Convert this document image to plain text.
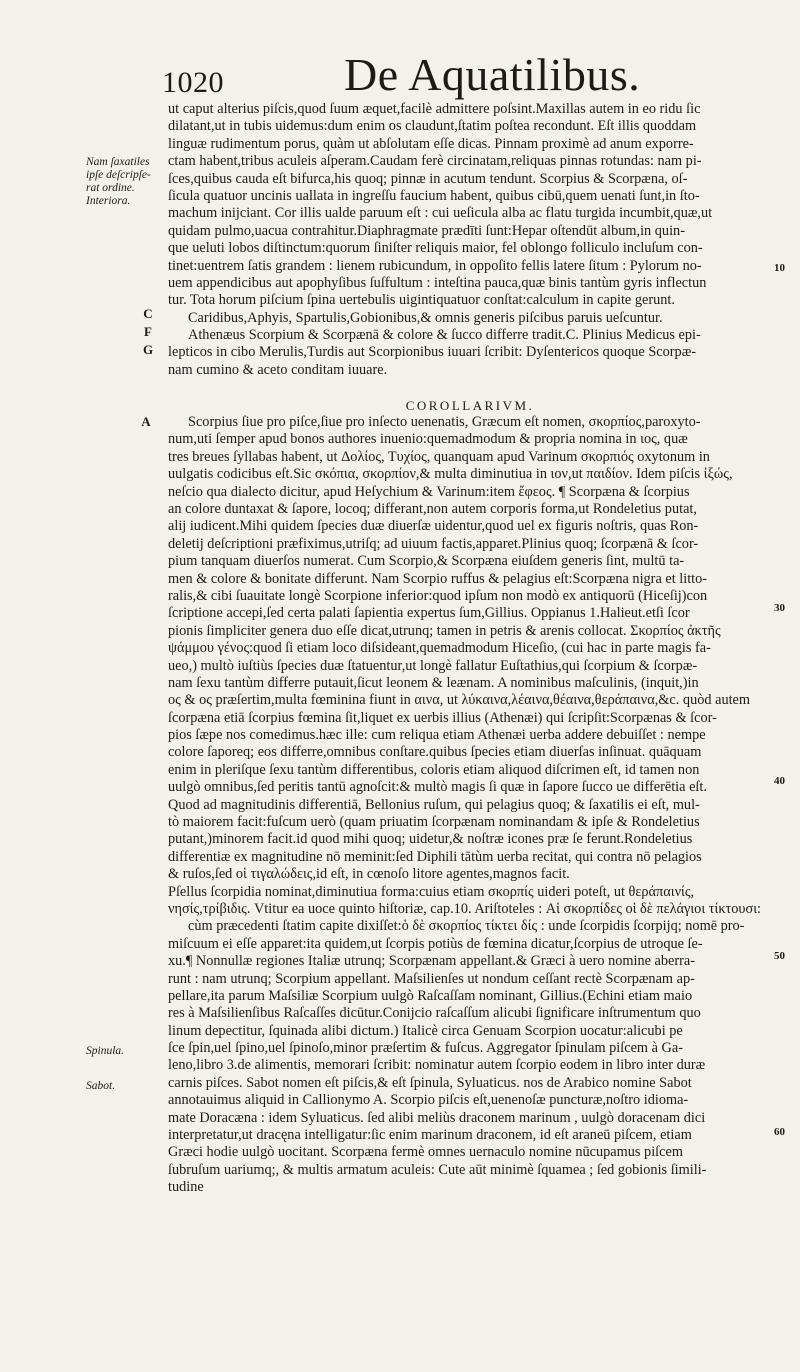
1020	De Aquatilibus.
Nam ſaxatiles
ipſe deſcripſe-
rat ordine.
Interiora.
C
F
G
A
Spinula.
Sabot.
10
30
40
50
60
ut caput alterius piſcis,quod ſuum æquet,facilè admittere poſsint.Maxillas autem in eo ridu ſic
dilatant,ut in tubis uidemus:dum enim os claudunt,ſtatim poſtea recondunt. Eſt illis quoddam
linguæ rudimentum porus, quàm ut abſolutam eſſe dicas. Pinnam proximè ad anum exporre-
ctam habent,tribus aculeis aſperam.Caudam ferè circinatam,reliquas pinnas rotundas: nam pi-
ſces,quibus cauda eſt bifurca,his quoq; pinnæ in acutum tendunt. Scorpius & Scorpæna, oſ-
ſicula quatuor uncinis uallata in ingreſſu faucium habent, quibus cibū,quem uenati ſunt,in ſto-
machum inijciant. Cor illis ualde paruum eſt : cui ueſicula alba ac flatu turgida incumbit,quæ,ut
quidam pulmo,uacua contrahitur.Diaphragmate prædīti ſunt:Hepar oſtendūt album,in quin-
que ueluti lobos diſtinctum:quorum ſiniſter reliquis maior, fel oblongo folliculo incluſum con-
tinet:uentrem ſatis grandem : lienem rubicundum, in oppoſito fellis latere ſitum : Pylorum no-
uem appendicibus aut apophyſibus ſuſfultum : inteſtina pauca,quæ binis tantùm gyris inflectun
tur. Tota horum piſcium ſpina uertebulis uigintiquatuor conſtat:calculum in capite gerunt.
Caridibus,Aphyis, Spartulis,Gobionibus,& omnis generis piſcibus paruis ueſcuntur.
Athenæus Scorpium & Scorpænā & colore & ſucco differre tradit.C. Plinius Medicus epi-
lepticos in cibo Merulis,Turdis aut Scorpionibus iuuari ſcribit: Dyſentericos quoque Scorpæ-
nam cumino & aceto conditam iuuare.
COROLLARIVM.
Scorpius ſiue pro piſce,ſiue pro inſecto uenenatis, Græcum eſt nomen, σκορπίος,paroxyto-
num,uti ſemper apud bonos authores inuenio:quemadmodum & propria nomina in ιος, quæ
tres breues ſyllabas habent, ut Δολίος, Τυχίος, quanquam apud Varinum σκορπιός oxytonum in
uulgatis codicibus eſt.Sic σκόπια, σκορπίον,& multa diminutiua in ιον,ut παιδίον. Idem piſcis ἰξώς,
neſcio qua dialecto dicitur, apud Heſychium & Varinum:item ἔφεος. ¶ Scorpæna & ſcorpius
an colore duntaxat & ſapore, locoq; differant,non autem corporis forma,ut Rondeletius putat,
alij iudicent.Mihi quidem ſpecies duæ diuerſæ uidentur,quod uel ex figuris noſtris, quas Ron-
deletij deſcriptioni præfiximus,utriſq; ad uiuum factis,apparet.Plinius quoq; ſcorpænā & ſcor-
pium tanquam diuerſos numerat. Cum Scorpio,& Scorpæna eiuſdem generis ſint, multū ta-
men & colore & bonitate differunt. Nam Scorpio ruffus & pelagius eſt:Scorpæna nigra et litto-
ralis,& cibi ſuauitate longè Scorpione inferior:quod ipſum non modò ex antiquorū (Hiceſij)con
ſcriptione accepi,ſed certa palati ſapientia expertus ſum,Gillius. Oppianus 1.Halieut.etſi ſcor
pionis ſimpliciter genera duo eſſe dicat,utrunq; tamen in petris & arenis collocat. Σκορπίος ἀκτῆς
ψάμμου γένος:quod ſi etiam loco diſsideant,quemadmodum Hiceſio, (cui hac in parte magis fa-
ueo,) multò iuſtiùs ſpecies duæ ſtatuentur,ut longè fallatur Euſtathius,qui ſcorpium & ſcorpæ-
nam ſexu tantùm differre putauit,ſicut leonem & leænam. A nominibus maſculinis, (inquit,)in
ος & ος præſertim,multa fœminina fiunt in αινα, ut λύκαινα,λέαινα,θέαινα,θεράπαινα,&c. quòd autem
ſcorpæna etiā ſcorpius fœmina ſit,liquet ex uerbis illius (Athenæi) qui ſcripſit:Scorpænas & ſcor-
pios ſæpe nos comedimus.hæc ille: cum reliqua etiam Athenæi uerba addere debuiſſet : nempe
colore ſaporeq; eos differre,omnibus conſtare.quibus ſpecies etiam diuerſas inſinuat. quāquam
enim in pleriſque ſexu tantùm differentibus, coloris etiam aliquod diſcrimen eſt, id tamen non
uulgò omnibus,ſed peritis tantū agnoſcit:& multò magis ſi quæ in ſapore ſucco ue differētia eſt.
Quod ad magnitudinis differentiā, Bellonius ruſum, qui pelagius quoq; & ſaxatilis ei eſt, mul-
tò maiorem facit:fuſcum uerò (quam priuatim ſcorpænam nominandam & ipſe & Rondeletius
putant,)minorem facit.id quod mihi quoq; uidetur,& noſtræ icones præ ſe ferunt.Rondeletius
differentiæ ex magnitudine nō meminit:ſed Diphili tātùm uerba recitat, qui contra nō pelagios
& ruſos,ſed οἱ τιγαλώδεις,id eſt, in cœnoſo litore agentes,magnos facit.
Pſellus ſcorpidia nominat,diminutiua forma:cuius etiam σκορπίς uideri poteſt, ut θεράπαινίς,
νησίς,τρίβιδις. Vtitur ea uoce quinto hiſtoriæ, cap.10. Ariſtoteles : Αἱ σκορπίδες οἱ δὲ πελάγιοι τίκτουσι:
cùm præcedenti ſtatim capite dixiſſet:ὁ δὲ σκορπίος τίκτει δίς : unde ſcorpidis ſcorpijq; nomē pro-
miſcuum ei eſſe apparet:ita quidem,ut ſcorpis potiùs de fœmina dicatur,ſcorpius de utroque ſe-
xu.¶ Nonnullæ regiones Italiæ utrunq; Scorpænam appellant.& Græci à uero nomine aberra-
runt : nam utrunq; Scorpium appellant. Maſsilienſes ut nondum ceſſant rectè Scorpænam ap-
pellare,ita parum Maſsiliæ Scorpium uulgò Raſcaſſam nominant, Gillius.(Echini etiam maio
res à Maſsilienſibus Raſcaſſes dicūtur.Conijcio raſcaſſum alicubi ſignificare inſtrumentum quo
linum depectitur, ſquinada alibi dictum.) Italicè circa Genuam Scorpion uocatur:alicubi pe
ſce ſpin,uel ſpino,uel ſpinoſo,minor præſertim & fuſcus. Aggregator ſpinulam piſcem à Ga-
leno,libro 3.de alimentis, memorari ſcribit: nominatur autem ſcorpio eodem in libro inter duræ
carnis piſces. Sabot nomen eſt piſcis,& eſt ſpinula, Syluaticus. nos de Arabico nomine Sabot
annotauimus aliquid in Callionymo A. Scorpio piſcis eſt,uenenoſæ puncturæ,noſtro idioma-
mate Doracæna : idem Syluaticus. ſed alibi meliùs draconem marinum , uulgò doracenam dici
interpretatur,ut dracęna intelligatur:ſic enim marinum draconem, id eſt araneū piſcem, etiam
Græci hodie uulgò uocitant. Scorpæna fermè omnes uernaculo nomine nūcupamus piſcem
ſubruſum uariumq;, & multis armatum aculeis: Cute aūt minimè ſquamea ; ſed gobionis ſimili-
tudine
